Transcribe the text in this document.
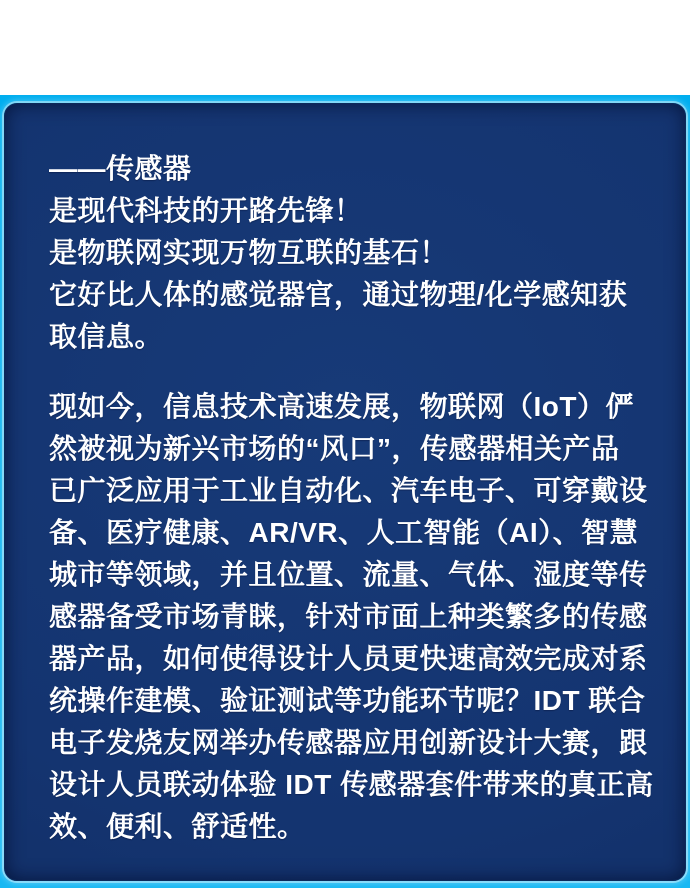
——传感器
是现代科技的开路先锋！
是物联网实现万物互联的基石！
它好比人体的感觉器官，通过物理/化学感知获
取信息。
现如今，信息技术高速发展，物联网（IoT）俨
然被视为新兴市场的“风口”，传感器相关产品
已广泛应用于工业自动化、汽车电子、可穿戴设
备、医疗健康、AR/VR、人工智能（AI）、智慧
城市等领域，并且位置、流量、气体、湿度等传
感器备受市场青睐，针对市面上种类繁多的传感
器产品，如何使得设计人员更快速高效完成对系
统操作建模、验证测试等功能环节呢？IDT 联合
电子发烧友网举办传感器应用创新设计大赛，跟
设计人员联动体验 IDT 传感器套件带来的真正高
效、便利、舒适性。
